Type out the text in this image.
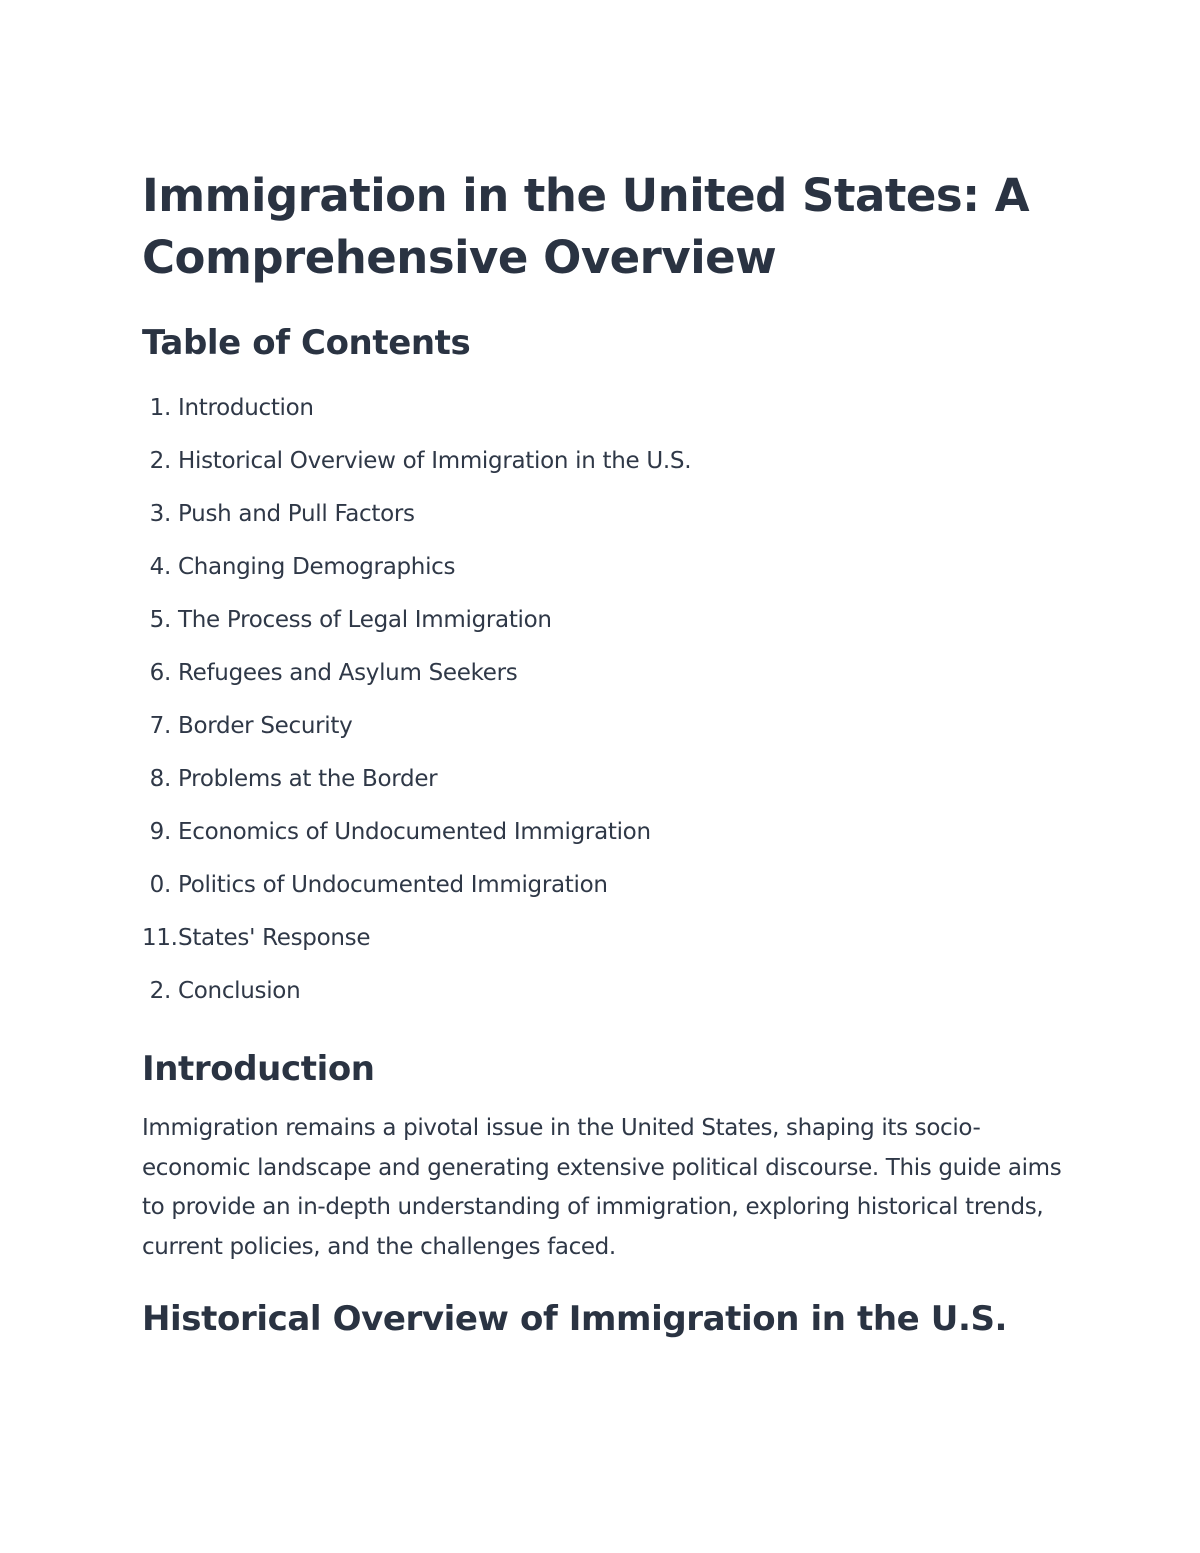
Immigration in the United States: A Comprehensive Overview
Table of Contents
1. Introduction
2. Historical Overview of Immigration in the U.S.
3. Push and Pull Factors
4. Changing Demographics
5. The Process of Legal Immigration
6. Refugees and Asylum Seekers
7. Border Security
8. Problems at the Border
9. Economics of Undocumented Immigration
0. Politics of Undocumented Immigration
11. States' Response
2. Conclusion
Introduction

Immigration remains a pivotal issue in the United States, shaping its socio-economic landscape and generating extensive political discourse. This guide aims to provide an in-depth understanding of immigration, exploring historical trends, current policies, and the challenges faced.

Historical Overview of Immigration in the U.S.
